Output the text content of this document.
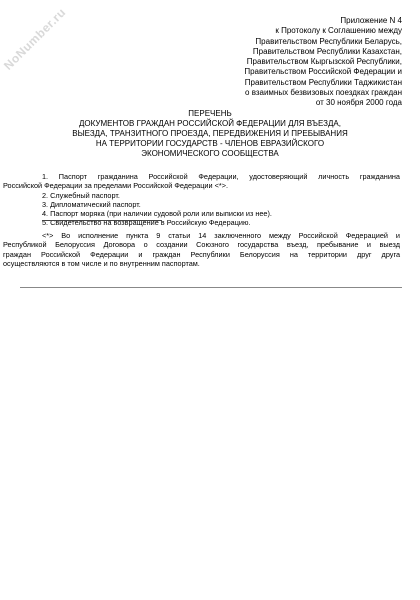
NoNumber.ru	Приложение N 4
к Протоколу к Соглашению между
Правительством Республики Беларусь,
Правительством Республики Казахстан,
Правительством Кыргызской Республики,
Правительством Российской Федерации и
Правительством Республики Таджикистан
о взаимных безвизовых поездках граждан
от 30 ноября 2000 года
ПЕРЕЧЕНЬ
ДОКУМЕНТОВ ГРАЖДАН РОССИЙСКОЙ ФЕДЕРАЦИИ ДЛЯ ВЪЕЗДА,
ВЫЕЗДА, ТРАНЗИТНОГО ПРОЕЗДА, ПЕРЕДВИЖЕНИЯ И ПРЕБЫВАНИЯ
НА ТЕРРИТОРИИ ГОСУДАРСТВ - ЧЛЕНОВ ЕВРАЗИЙСКОГО
ЭКОНОМИЧЕСКОГО СООБЩЕСТВА
1. Паспорт гражданина Российской Федерации, удостоверяющий личность гражданина
Российской Федерации за пределами Российской Федерации <*>.
2. Служебный паспорт.
3. Дипломатический паспорт.
4. Паспорт моряка (при наличии судовой роли или выписки из нее).
5. Свидетельство на возвращение в Российскую Федерацию.
<*> Во исполнение пункта 9 статьи 14 заключенного между Российской Федерацией и
Республикой Белоруссия Договора о создании Союзного государства въезд, пребывание и выезд
граждан Российской Федерации и граждан Республики Белоруссия на территории друг друга
осуществляются в том числе и по внутренним паспортам.
